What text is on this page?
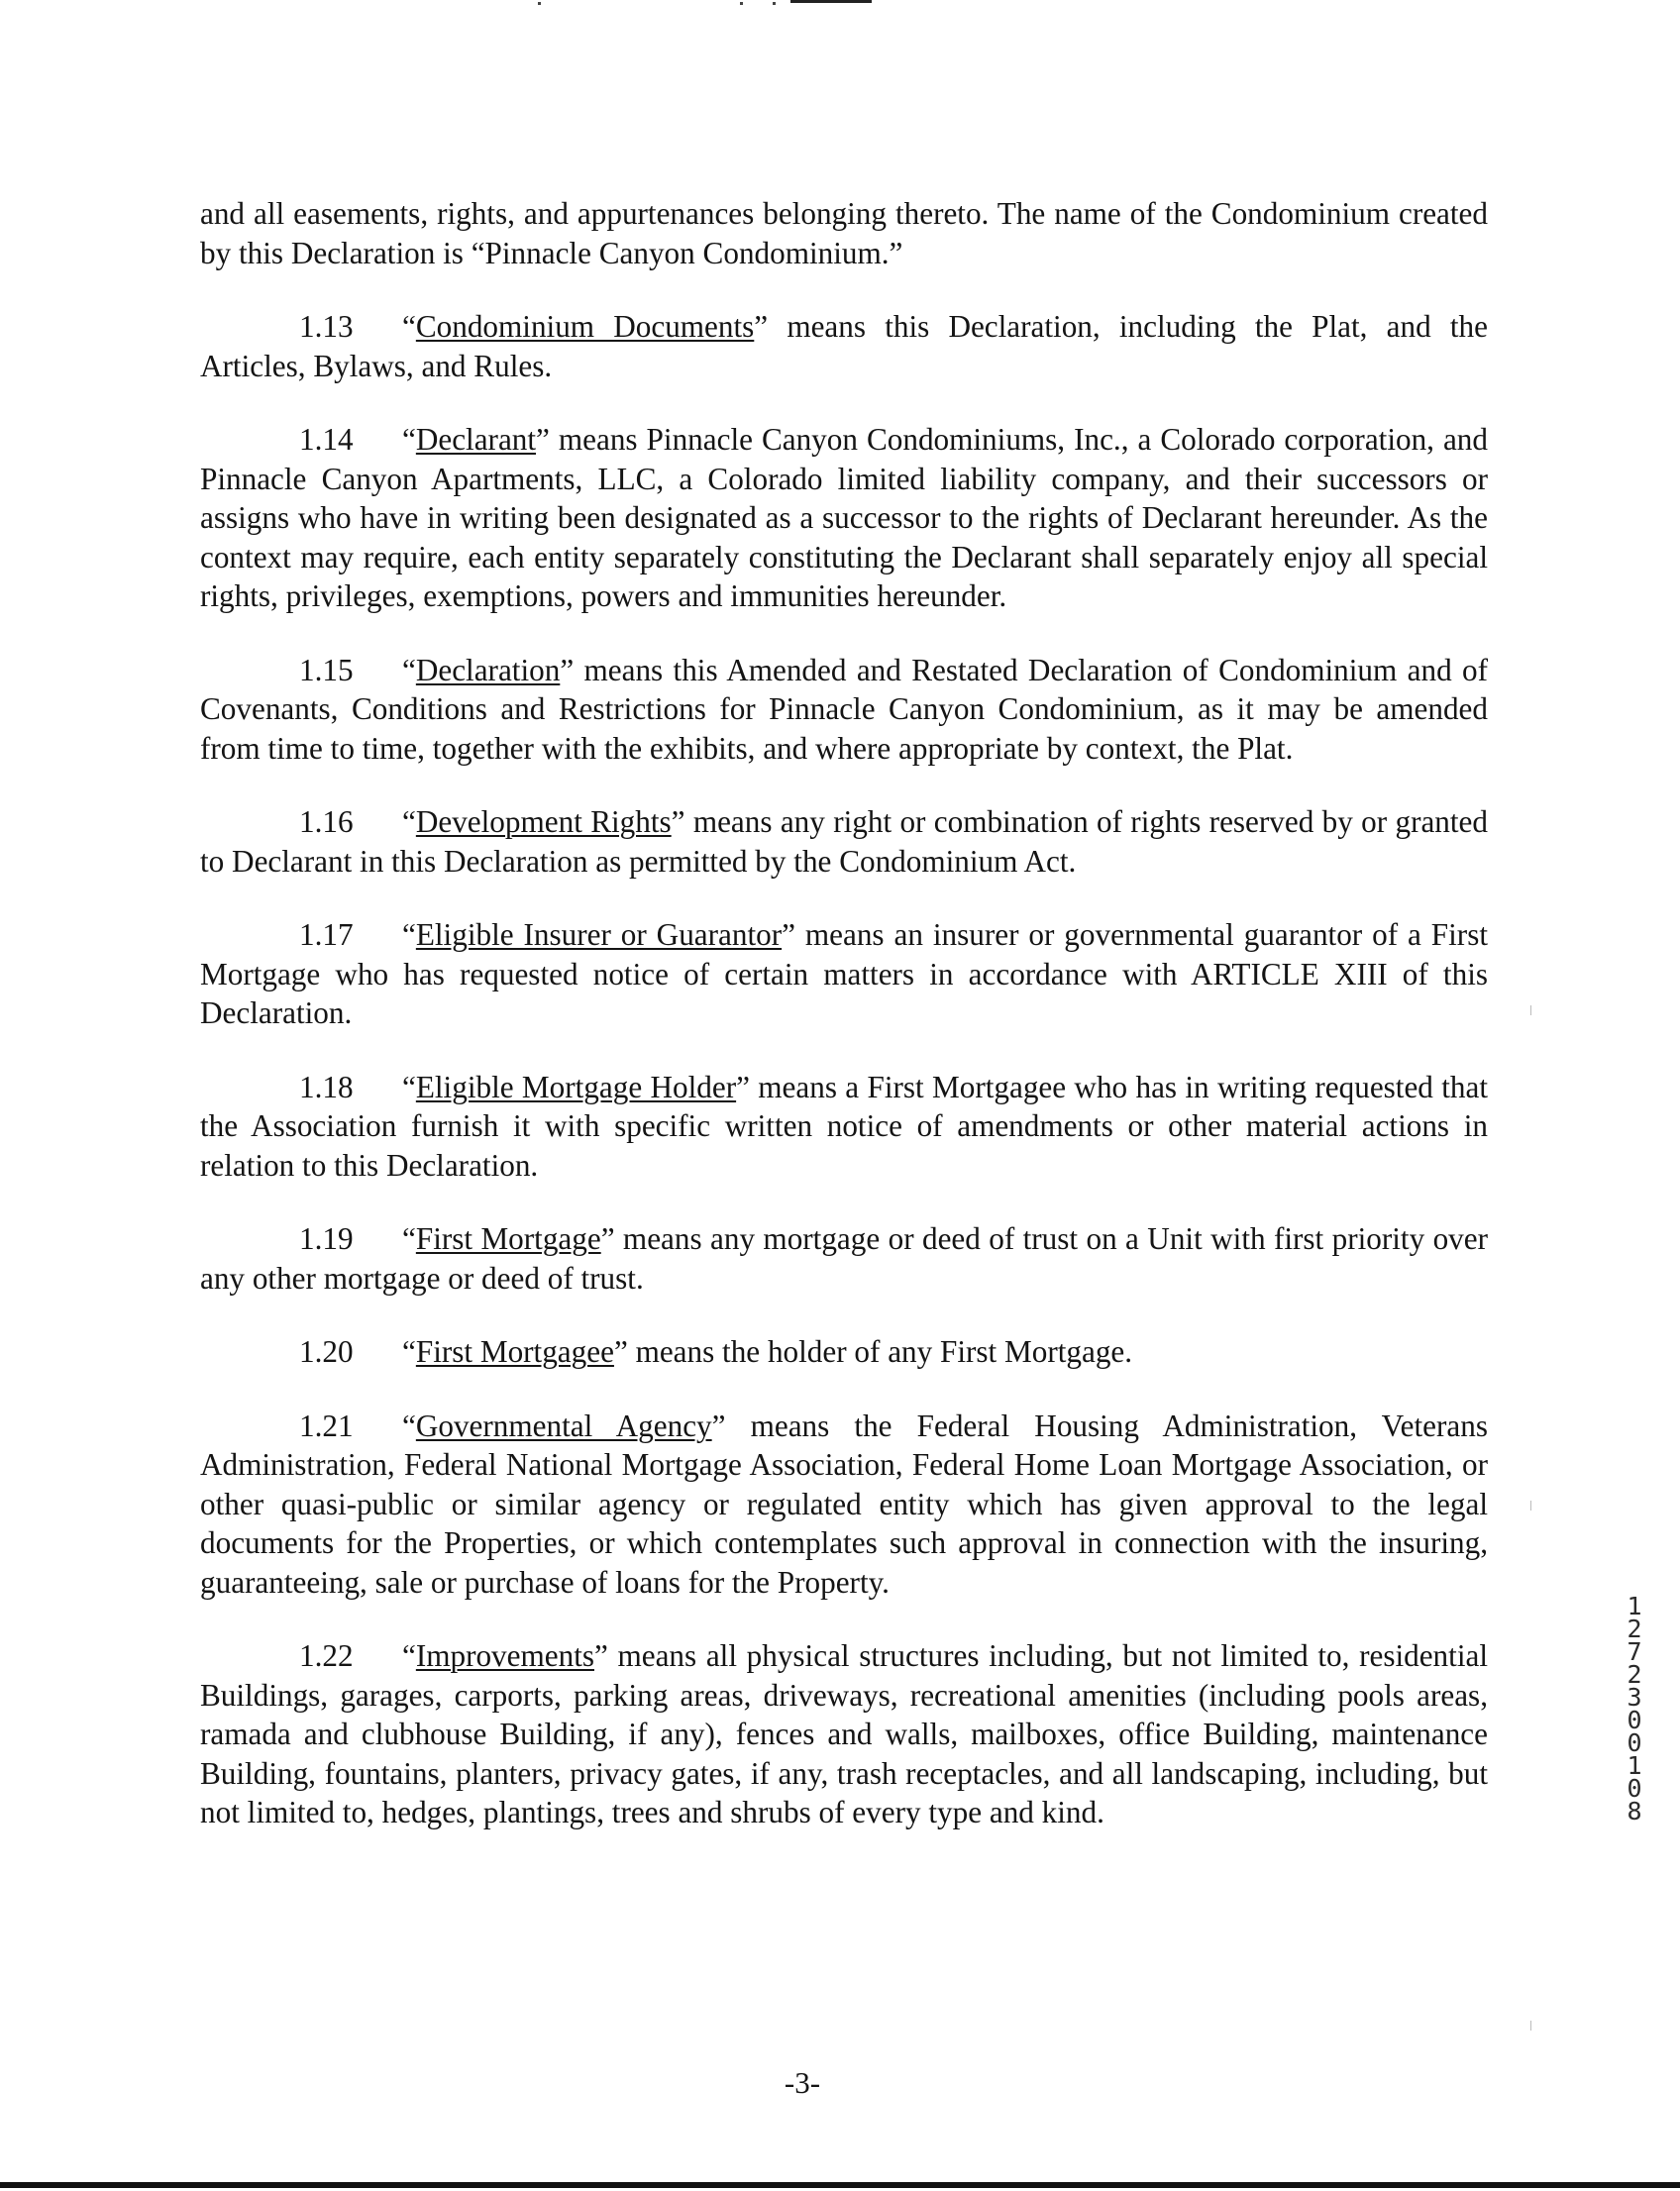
and all easements, rights, and appurtenances belonging thereto. The name of the Condominium created by this Declaration is “Pinnacle Canyon Condominium.”

1.13 “Condominium Documents” means this Declaration, including the Plat, and the Articles, Bylaws, and Rules.

1.14 “Declarant” means Pinnacle Canyon Condominiums, Inc., a Colorado corporation, and Pinnacle Canyon Apartments, LLC, a Colorado limited liability company, and their successors or assigns who have in writing been designated as a successor to the rights of Declarant hereunder. As the context may require, each entity separately constituting the Declarant shall separately enjoy all special rights, privileges, exemptions, powers and immunities hereunder.

1.15 “Declaration” means this Amended and Restated Declaration of Condominium and of Covenants, Conditions and Restrictions for Pinnacle Canyon Condominium, as it may be amended from time to time, together with the exhibits, and where appropriate by context, the Plat.

1.16 “Development Rights” means any right or combination of rights reserved by or granted to Declarant in this Declaration as permitted by the Condominium Act.

1.17 “Eligible Insurer or Guarantor” means an insurer or governmental guarantor of a First Mortgage who has requested notice of certain matters in accordance with ARTICLE XIII of this Declaration.

1.18 “Eligible Mortgage Holder” means a First Mortgagee who has in writing requested that the Association furnish it with specific written notice of amendments or other material actions in relation to this Declaration.

1.19 “First Mortgage” means any mortgage or deed of trust on a Unit with first priority over any other mortgage or deed of trust.

1.20 “First Mortgagee” means the holder of any First Mortgage.

1.21 “Governmental Agency” means the Federal Housing Administration, Veterans Administration, Federal National Mortgage Association, Federal Home Loan Mortgage Association, or other quasi-public or similar agency or regulated entity which has given approval to the legal documents for the Properties, or which contemplates such approval in connection with the insuring, guaranteeing, sale or purchase of loans for the Property.

1.22 “Improvements” means all physical structures including, but not limited to, residential Buildings, garages, carports, parking areas, driveways, recreational amenities (including pools areas, ramada and clubhouse Building, if any), fences and walls, mailboxes, office Building, maintenance Building, fountains, planters, privacy gates, if any, trash receptacles, and all landscaping, including, but not limited to, hedges, plantings, trees and shrubs of every type and kind.

127230 0108
-3-
